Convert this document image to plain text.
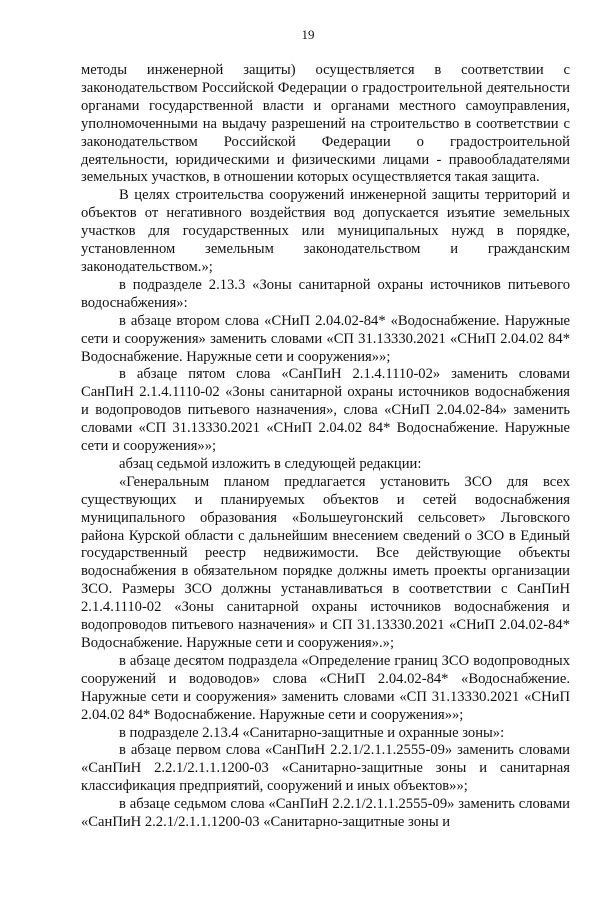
19

методы инженерной защиты) осуществляется в соответствии с законодательством Российской Федерации о градостроительной деятельности органами государственной власти и органами местного самоуправления, уполномоченными на выдачу разрешений на строительство в соответствии с законодательством Российской Федерации о градостроительной деятельности, юридическими и физическими лицами - правообладателями земельных участков, в отношении которых осуществляется такая защита.

В целях строительства сооружений инженерной защиты территорий и объектов от негативного воздействия вод допускается изъятие земельных участков для государственных или муниципальных нужд в порядке, установленном земельным законодательством и гражданским законодательством.»;

в подразделе 2.13.3 «Зоны санитарной охраны источников питьевого водоснабжения»:

в абзаце втором слова «СНиП 2.04.02-84* «Водоснабжение. Наружные сети и сооружения» заменить словами «СП 31.13330.2021 «СНиП 2.04.02 84* Водоснабжение. Наружные сети и сооружения»»;

в абзаце пятом слова «СанПиН 2.1.4.1110-02» заменить словами СанПиН 2.1.4.1110-02 «Зоны санитарной охраны источников водоснабжения и водопроводов питьевого назначения», слова «СНиП 2.04.02-84» заменить словами «СП 31.13330.2021 «СНиП 2.04.02 84* Водоснабжение. Наружные сети и сооружения»»;

абзац седьмой изложить в следующей редакции:

«Генеральным планом предлагается установить ЗСО для всех существующих и планируемых объектов и сетей водоснабжения муниципального образования «Большеугонский сельсовет» Льговского района Курской области с дальнейшим внесением сведений о ЗСО в Единый государственный реестр недвижимости. Все действующие объекты водоснабжения в обязательном порядке должны иметь проекты организации ЗСО. Размеры ЗСО должны устанавливаться в соответствии с СанПиН 2.1.4.1110-02 «Зоны санитарной охраны источников водоснабжения и водопроводов питьевого назначения» и СП 31.13330.2021 «СНиП 2.04.02-84* Водоснабжение. Наружные сети и сооружения».»;

в абзаце десятом подраздела «Определение границ ЗСО водопроводных сооружений и водоводов» слова «СНиП 2.04.02-84* «Водоснабжение. Наружные сети и сооружения» заменить словами «СП 31.13330.2021 «СНиП 2.04.02 84* Водоснабжение. Наружные сети и сооружения»»;

в подразделе 2.13.4 «Санитарно-защитные и охранные зоны»:

в абзаце первом слова «СанПиН 2.2.1/2.1.1.2555-09» заменить словами «СанПиН 2.2.1/2.1.1.1200-03 «Санитарно-защитные зоны и санитарная классификация предприятий, сооружений и иных объектов»»;

в абзаце седьмом слова «СанПиН 2.2.1/2.1.1.2555-09» заменить словами «СанПиН 2.2.1/2.1.1.1200-03 «Санитарно-защитные зоны и
